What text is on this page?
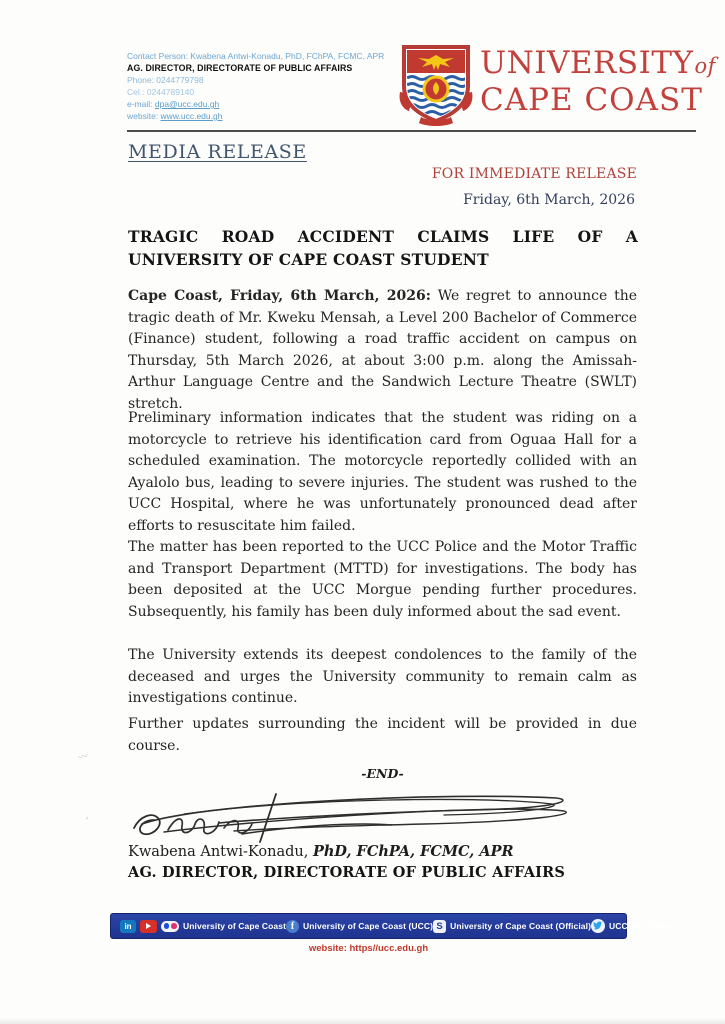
Contact Person: Kwabena Antwi-Konadu, PhD, FChPA, FCMC, APR
AG. DIRECTOR, DIRECTORATE OF PUBLIC AFFAIRS
Phone: 0244779798
Cel.: 0244789140
e-mail: dpa@ucc.edu.gh
website: www.ucc.edu.gh
UNIVERSITYof
CAPE COAST
MEDIA RELEASE
FOR IMMEDIATE RELEASE
Friday, 6th March, 2026
TRAGIC ROAD ACCIDENT CLAIMS LIFE OF A
UNIVERSITY OF CAPE COAST STUDENT

Cape Coast, Friday, 6th March, 2026: We regret to announce the tragic death of Mr. Kweku Mensah, a Level 200 Bachelor of Commerce (Finance) student, following a road traffic accident on campus on Thursday, 5th March 2026, at about 3:00 p.m. along the Amissah-Arthur Language Centre and the Sandwich Lecture Theatre (SWLT) stretch.

Preliminary information indicates that the student was riding on a motorcycle to retrieve his identification card from Oguaa Hall for a scheduled examination. The motorcycle reportedly collided with an Ayalolo bus, leading to severe injuries. The student was rushed to the UCC Hospital, where he was unfortunately pronounced dead after efforts to resuscitate him failed.

The matter has been reported to the UCC Police and the Motor Traffic and Transport Department (MTTD) for investigations. The body has been deposited at the UCC Morgue pending further procedures. Subsequently, his family has been duly informed about the sad event.

The University extends its deepest condolences to the family of the deceased and urges the University community to remain calm as investigations continue.

Further updates surrounding the incident will be provided in due course.

-END-
Kwabena Antwi-Konadu, PhD, FChPA, FCMC, APR
AG. DIRECTOR, DIRECTORATE OF PUBLIC AFFAIRS
in	University of Cape Coast f	University of Cape Coast (UCC) S University of Cape Coast (Official) UCCGH_Official
website: https//ucc.edu.gh
〰
ʻ
